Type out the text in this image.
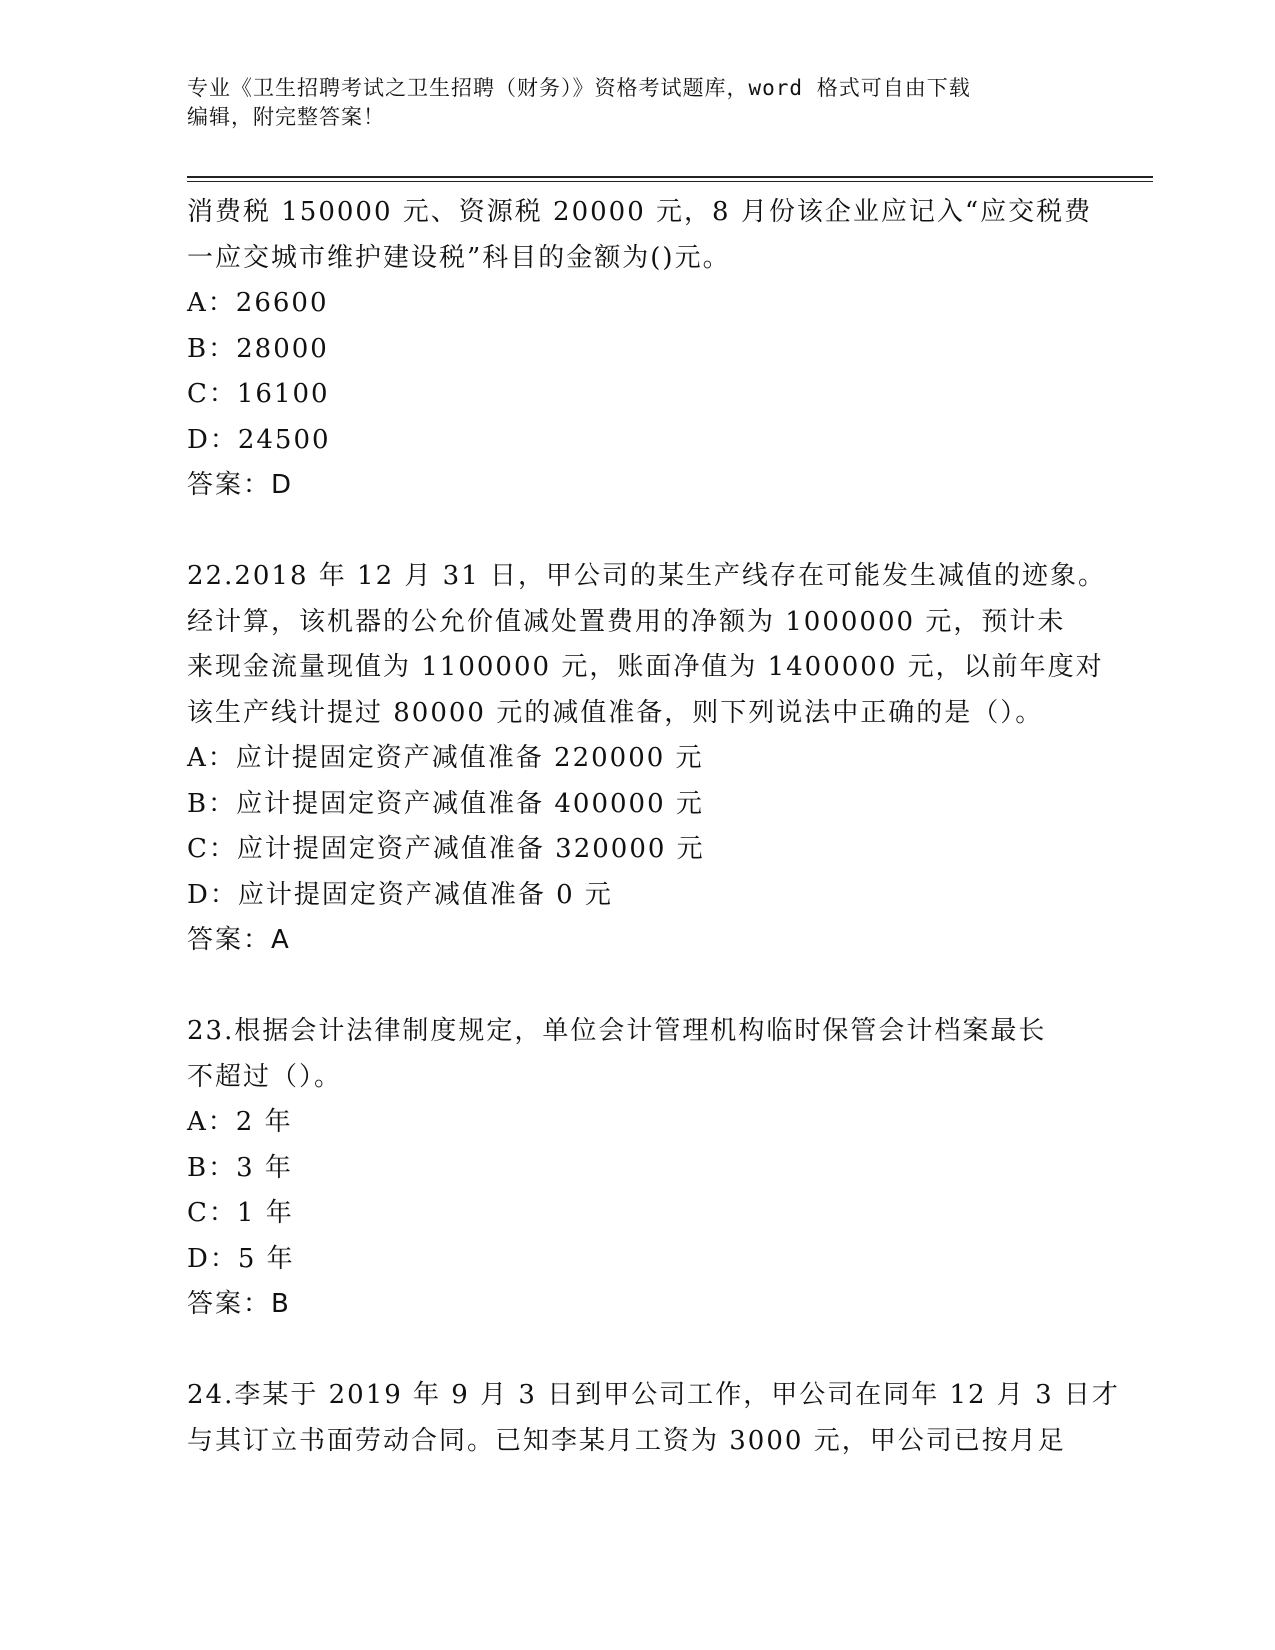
专业《卫生招聘考试之卫生招聘（财务）》资格考试题库，word 格式可自由下载
编辑，附完整答案！
消费税 150000 元、资源税 20000 元，8 月份该企业应记入“应交税费
一应交城市维护建设税”科目的金额为()元。
A：26600
B：28000
C：16100
D：24500
答案：D
22.2018 年 12 月 31 日，甲公司的某生产线存在可能发生减值的迹象。
经计算，该机器的公允价值减处置费用的净额为 1000000 元，预计未
来现金流量现值为 1100000 元，账面净值为 1400000 元，以前年度对
该生产线计提过 80000 元的减值准备，则下列说法中正确的是（）。
A：应计提固定资产减值准备 220000 元
B：应计提固定资产减值准备 400000 元
C：应计提固定资产减值准备 320000 元
D：应计提固定资产减值准备 0 元
答案：A
23.根据会计法律制度规定，单位会计管理机构临时保管会计档案最长
不超过（）。
A：2 年
B：3 年
C：1 年
D：5 年
答案：B
24.李某于 2019 年 9 月 3 日到甲公司工作，甲公司在同年 12 月 3 日才
与其订立书面劳动合同。已知李某月工资为 3000 元，甲公司已按月足
